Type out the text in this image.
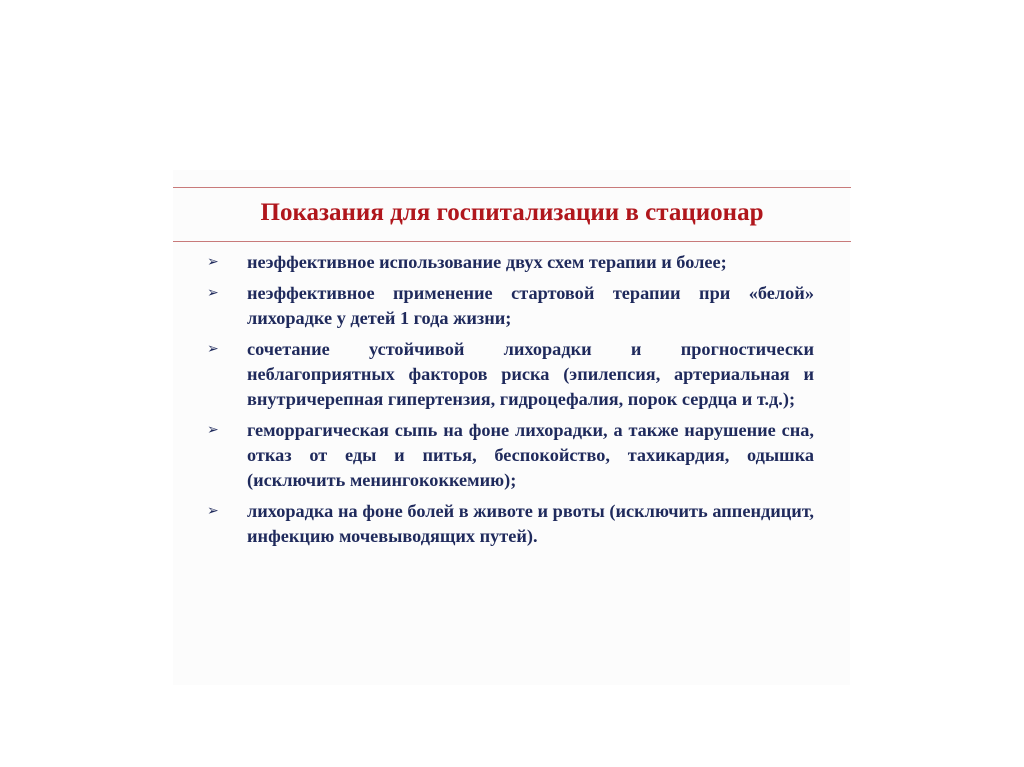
Показания для госпитализации в стационар
➢ неэффективное использование двух схем терапии и более;
➢ неэффективное применение стартовой терапии при «белой» лихорадке у детей 1 года жизни;
➢ сочетание устойчивой лихорадки и прогностически неблагоприятных факторов риска (эпилепсия, артериальная и внутричерепная гипертензия, гидроцефалия, порок сердца и т.д.);
➢ геморрагическая сыпь на фоне лихорадки, а также нарушение сна, отказ от еды и питья, беспокойство, тахикардия, одышка (исключить менингококкемию);
➢ лихорадка на фоне болей в животе и рвоты (исключить аппендицит, инфекцию мочевыводящих путей).
